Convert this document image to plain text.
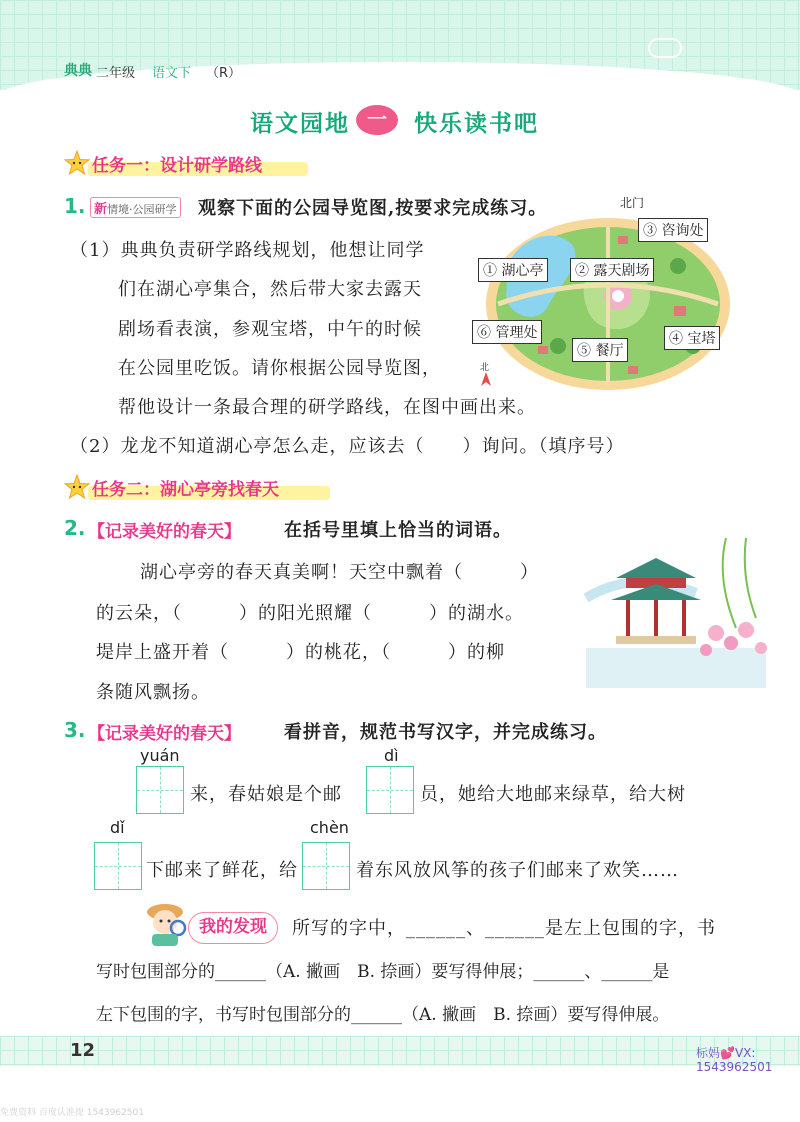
典典 二年级 语文下 （R）
语文园地 一	快乐读书吧
任务一：设计研学路线
1. 新情境·公园研学 观察下面的公园导览图,按要求完成练习。
（1）典典负责研学路线规划，他想让同学
们在湖心亭集合，然后带大家去露天
剧场看表演，参观宝塔，中午的时候
在公园里吃饭。请你根据公园导览图，
帮他设计一条最合理的研学路线，在图中画出来。
（2）龙龙不知道湖心亭怎么走，应该去（　　）询问。（填序号）
北门
③ 咨询处
① 湖心亭	② 露天剧场
⑥ 管理处	④ 宝塔
⑤ 餐厅
北
任务二：湖心亭旁找春天
2. 【记录美好的春天】 在括号里填上恰当的词语。
湖心亭旁的春天真美啊！天空中飘着（　　　）
的云朵，（　　　）的阳光照耀（　　　）的湖水。
堤岸上盛开着（　　　）的桃花，（　　　）的柳
条随风飘扬。
3. 【记录美好的春天】 看拼音，规范书写汉字，并完成练习。
yuán	dì
来，春姑娘是个邮	员，她给大地邮来绿草，给大树
dǐ	chèn
下邮来了鲜花，给	着东风放风筝的孩子们邮来了欢笑……
我的发现	所写的字中，______、______是左上包围的字，书
写时包围部分的______（A. 撇画　B. 捺画）要写得伸展；______、______是
左下包围的字，书写时包围部分的______（A. 撇画　B. 捺画）要写得伸展。
12	标妈💕VX:
1543962501
免费资料 百度认准提 1543962501
